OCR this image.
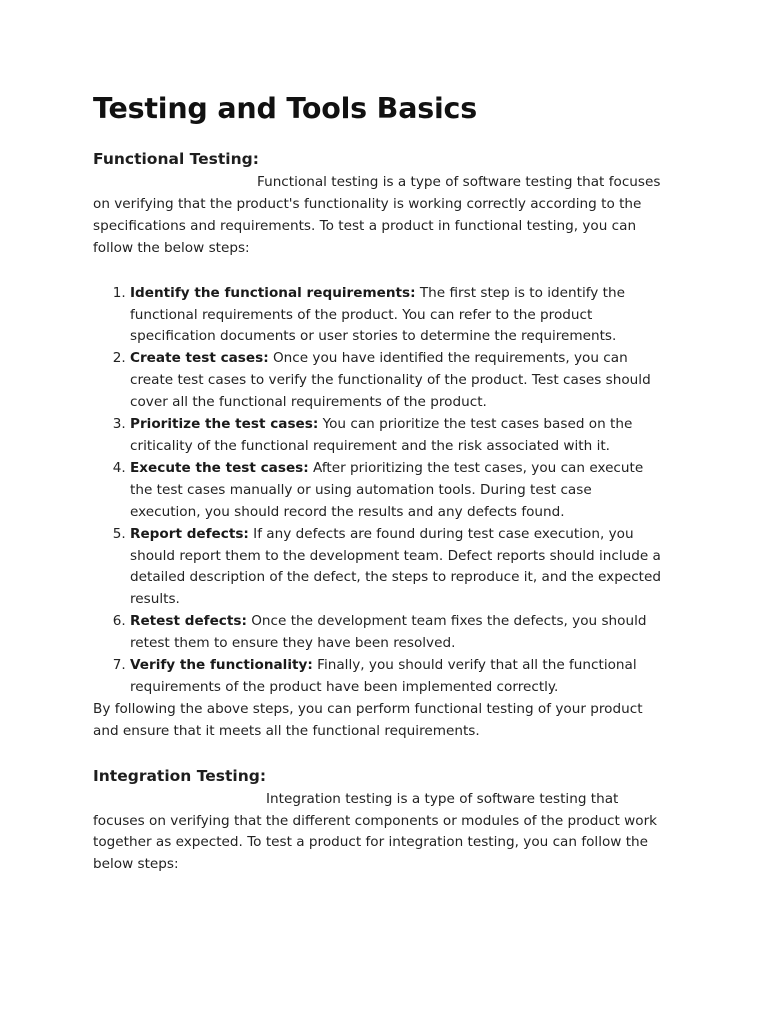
Testing and Tools Basics
Functional Testing:

Functional testing is a type of software testing that focuses on verifying that the product's functionality is working correctly according to the specifications and requirements. To test a product in functional testing, you can follow the below steps:

1. Identify the functional requirements: The first step is to identify the functional requirements of the product. You can refer to the product specification documents or user stories to determine the requirements.
2. Create test cases: Once you have identified the requirements, you can create test cases to verify the functionality of the product. Test cases should cover all the functional requirements of the product.
3. Prioritize the test cases: You can prioritize the test cases based on the criticality of the functional requirement and the risk associated with it.
4. Execute the test cases: After prioritizing the test cases, you can execute the test cases manually or using automation tools. During test case execution, you should record the results and any defects found.
5. Report defects: If any defects are found during test case execution, you should report them to the development team. Defect reports should include a detailed description of the defect, the steps to reproduce it, and the expected results.
6. Retest defects: Once the development team fixes the defects, you should retest them to ensure they have been resolved.
7. Verify the functionality: Finally, you should verify that all the functional requirements of the product have been implemented correctly.

By following the above steps, you can perform functional testing of your product and ensure that it meets all the functional requirements.

Integration Testing:

Integration testing is a type of software testing that focuses on verifying that the different components or modules of the product work together as expected. To test a product for integration testing, you can follow the below steps:
